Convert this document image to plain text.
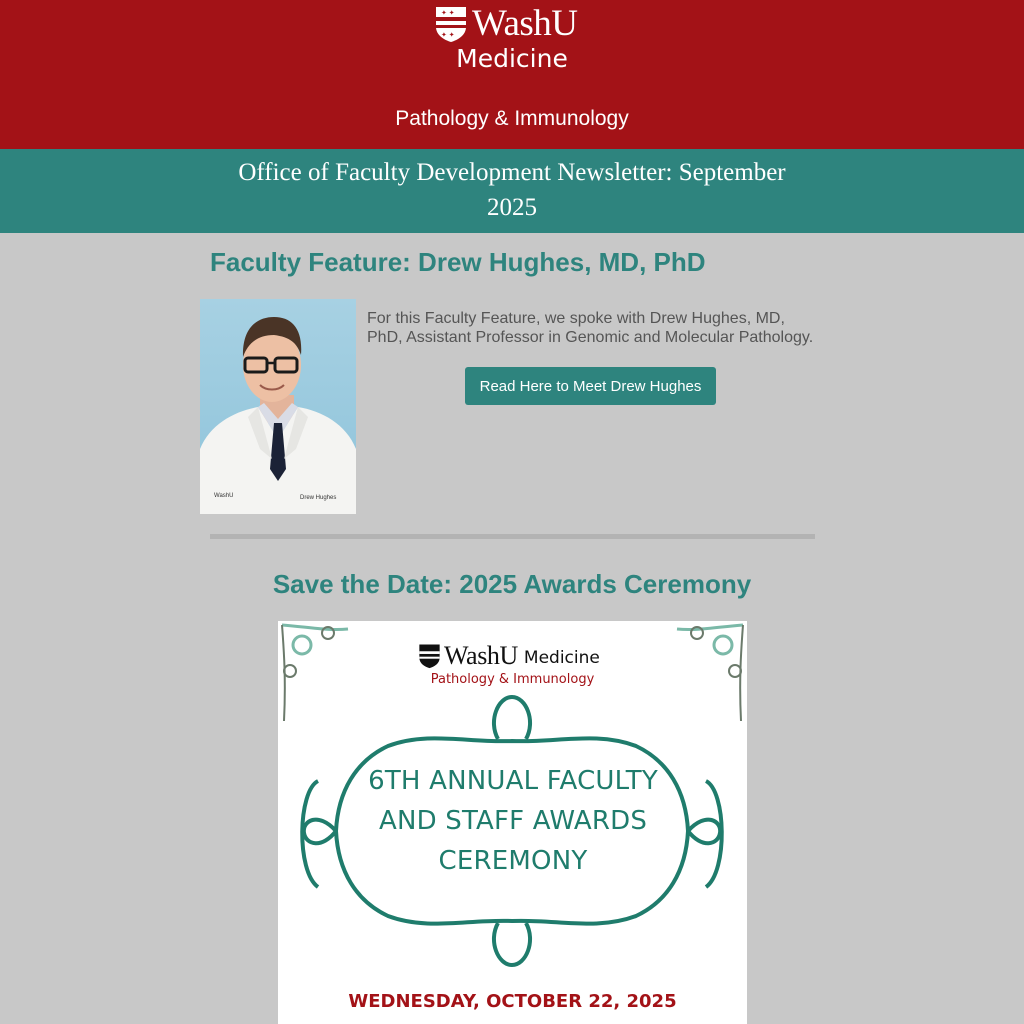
✦ ✦
✦ ✦ WashU
Medicine
Pathology & Immunology
Office of Faculty Development Newsletter: September 2025
Faculty Feature: Drew Hughes, MD, PhD
Drew Hughes
WashU
For this Faculty Feature, we spoke with Drew Hughes, MD, PhD, Assistant Professor in Genomic and Molecular Pathology.
Read Here to Meet Drew Hughes
Save the Date: 2025 Awards Ceremony
WashU Medicine
Pathology & Immunology
6TH ANNUAL FACULTY AND STAFF AWARDS CEREMONY
WEDNESDAY, OCTOBER 22, 2025
